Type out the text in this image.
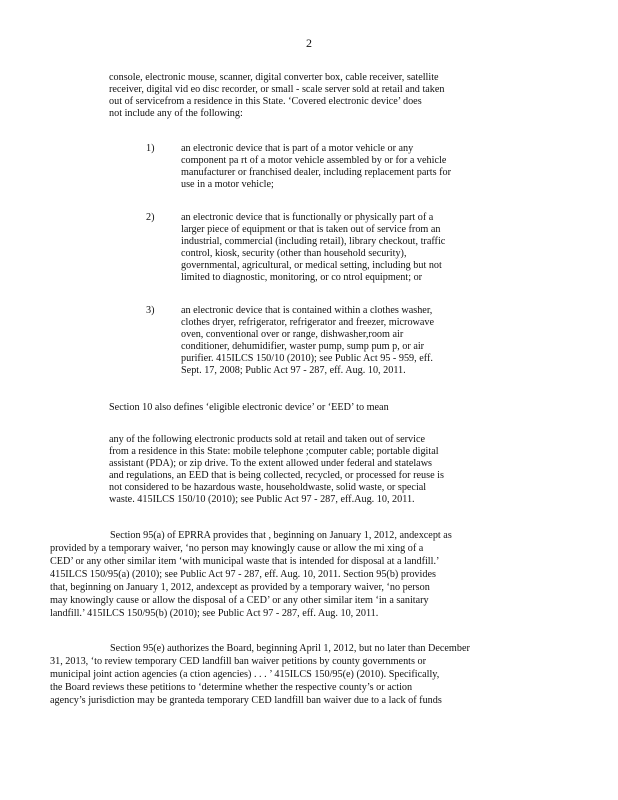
2
console, electronic mouse, scanner, digital converter box, cable receiver, satellite
receiver, digital vid eo disc recorder, or small - scale server sold at retail and taken
out of servicefrom a residence in this State. ‘Covered electronic device’ does
not include any of the following:
1)	an electronic device that is part of a motor vehicle or any
component pa rt of a motor vehicle assembled by or for a vehicle
manufacturer or franchised dealer, including replacement parts for
use in a motor vehicle;
2)	an electronic device that is functionally or physically part of a
larger piece of equipment or that is taken out of service from an
industrial, commercial (including retail), library checkout, traffic
control, kiosk, security (other than household security),
governmental, agricultural, or medical setting, including but not
limited to diagnostic, monitoring, or co ntrol equipment; or
3)	an electronic device that is contained within a clothes washer,
clothes dryer, refrigerator, refrigerator and freezer, microwave
oven, conventional over or range, dishwasher,room air
conditioner, dehumidifier, waster pump, sump pum p, or air
purifier. 415ILCS 150/10 (2010); see Public Act 95 - 959, eff.
Sept. 17, 2008; Public Act 97 - 287, eff. Aug. 10, 2011.
Section 10 also defines ‘eligible electronic device’ or ‘EED’ to mean
any of the following electronic products sold at retail and taken out of service
from a residence in this State: mobile telephone ;computer cable; portable digital
assistant (PDA); or zip drive. To the extent allowed under federal and statelaws
and regulations, an EED that is being collected, recycled, or processed for reuse is
not considered to be hazardous waste, householdwaste, solid waste, or special
waste. 415ILCS 150/10 (2010); see Public Act 97 - 287, eff.Aug. 10, 2011.
Section 95(a) of EPRRA provides that , beginning on January 1, 2012, andexcept as
provided by a temporary waiver, ‘no person may knowingly cause or allow the mi xing of a
CED’ or any other similar item ‘with municipal waste that is intended for disposal at a landfill.’
415ILCS 150/95(a) (2010); see Public Act 97 - 287, eff. Aug. 10, 2011. Section 95(b) provides
that, beginning on January 1, 2012, andexcept as provided by a temporary waiver, ‘no person
may knowingly cause or allow the disposal of a CED’ or any other similar item ‘in a sanitary
landfill.’ 415ILCS 150/95(b) (2010); see Public Act 97 - 287, eff. Aug. 10, 2011.
Section 95(e) authorizes the Board, beginning April 1, 2012, but no later than December
31, 2013, ‘to review temporary CED landfill ban waiver petitions by county governments or
municipal joint action agencies (a ction agencies) . . . ’ 415ILCS 150/95(e) (2010). Specifically,
the Board reviews these petitions to ‘determine whether the respective county’s or action
agency’s jurisdiction may be granteda temporary CED landfill ban waiver due to a lack of funds
